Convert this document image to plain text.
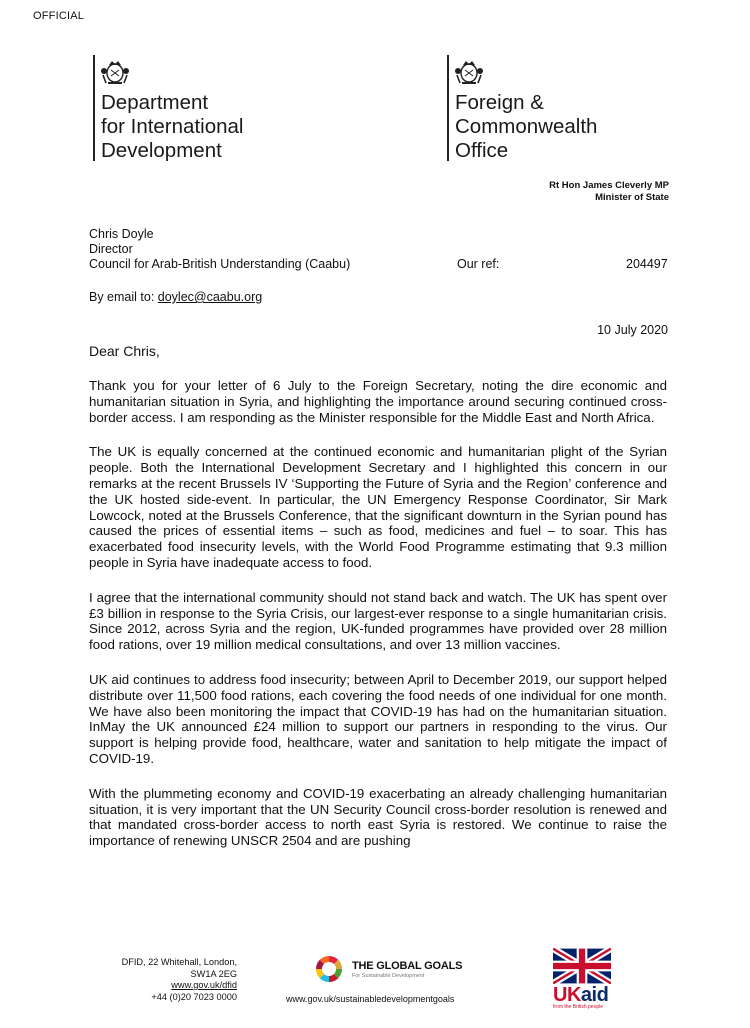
OFFICIAL
Department
for International
Development
Foreign &
Commonwealth
Office
Rt Hon James Cleverly MP
Minister of State
Chris Doyle
Director
Council for Arab-British Understanding (Caabu)	Our ref:	204497
By email to: doylec@caabu.org
10 July 2020
Dear Chris,

Thank you for your letter of 6 July to the Foreign Secretary, noting the dire economic and humanitarian situation in Syria, and highlighting the importance around securing continued cross-border access. I am responding as the Minister responsible for the Middle East and North Africa.

The UK is equally concerned at the continued economic and humanitarian plight of the Syrian people. Both the International Development Secretary and I highlighted this concern in our remarks at the recent Brussels IV ‘Supporting the Future of Syria and the Region’ conference and the UK hosted side-event. In particular, the UN Emergency Response Coordinator, Sir Mark Lowcock, noted at the Brussels Conference, that the significant downturn in the Syrian pound has caused the prices of essential items – such as food, medicines and fuel – to soar. This has exacerbated food insecurity levels, with the World Food Programme estimating that 9.3 million people in Syria have inadequate access to food.

I agree that the international community should not stand back and watch. The UK has spent over £3 billion in response to the Syria Crisis, our largest-ever response to a single humanitarian crisis. Since 2012, across Syria and the region, UK-funded programmes have provided over 28 million food rations, over 19 million medical consultations, and over 13 million vaccines.

UK aid continues to address food insecurity; between April to December 2019, our support helped distribute over 11,500 food rations, each covering the food needs of one individual for one month. We have also been monitoring the impact that COVID-19 has had on the humanitarian situation. InMay the UK announced £24 million to support our partners in responding to the virus. Our support is helping provide food, healthcare, water and sanitation to help mitigate the impact of COVID-19.

With the plummeting economy and COVID-19 exacerbating an already challenging humanitarian situation, it is very important that the UN Security Council cross-border resolution is renewed and that mandated cross-border access to north east Syria is restored. We continue to raise the importance of renewing UNSCR 2504 and are pushing

DFID, 22 Whitehall, London,
SW1A 2EG
www.gov.uk/dfid
+44 (0)20 7023 0000
THE GLOBAL GOALS
For Sustainable Development
www.gov.uk/sustainabledevelopmentgoals	UKaid
from the British people
